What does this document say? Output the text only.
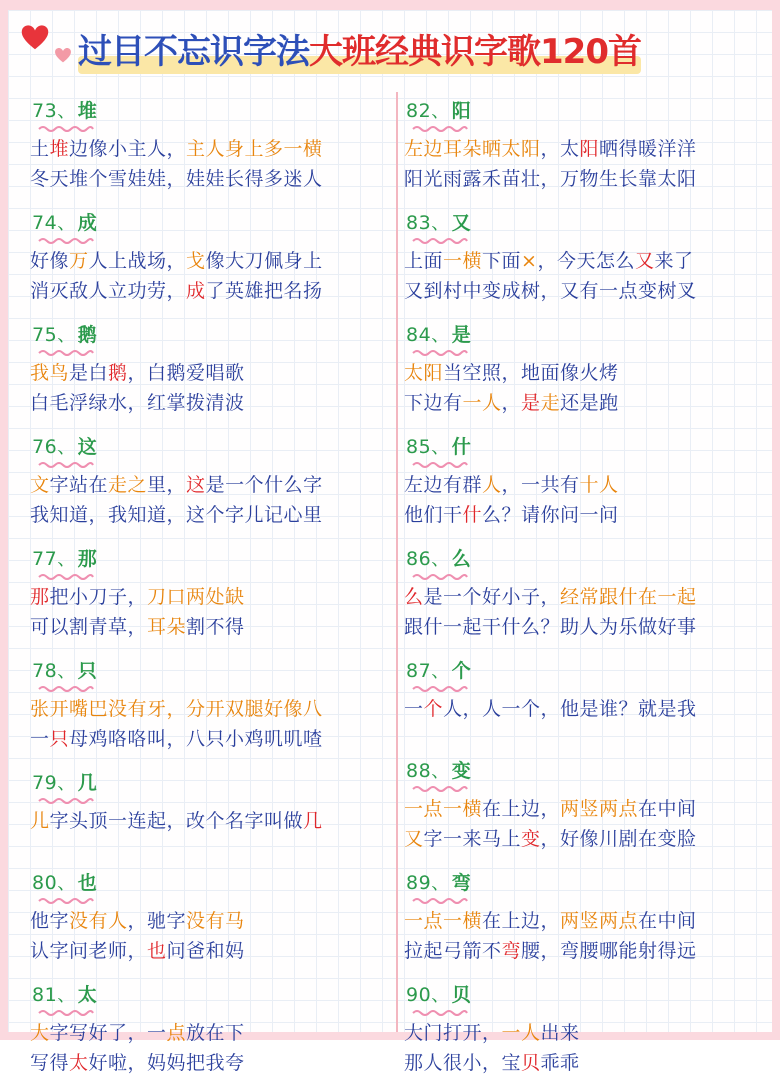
过目不忘识字法大班经典识字歌120首
73、 堆
土堆边像小主人，主人身上多一横
冬天堆个雪娃娃，娃娃长得多迷人
74、 成
好像万人上战场，戈像大刀佩身上
消灭敌人立功劳，成了英雄把名扬
75、 鹅
我鸟是白鹅，白鹅爱唱歌
白毛浮绿水，红掌拨清波
76、 这
文字站在走之里，这是一个什么字
我知道，我知道，这个字儿记心里
77、 那
那把小刀子，刀口两处缺
可以割青草，耳朵割不得
78、 只
张开嘴巴没有牙，分开双腿好像八
一只母鸡咯咯叫，八只小鸡叽叽喳
79、 几
儿字头顶一连起，改个名字叫做几
80、 也
他字没有人，驰字没有马
认字问老师，也问爸和妈
81、 太
大字写好了，一点放在下
写得太好啦，妈妈把我夸
82、 阳
左边耳朵晒太阳，太阳晒得暖洋洋
阳光雨露禾苗壮，万物生长靠太阳
83、 又
上面一横下面×，今天怎么又来了
又到村中变成树，又有一点变树叉
84、 是
太阳当空照，地面像火烤
下边有一人，是走还是跑
85、 什
左边有群人，一共有十人
他们干什么？请你问一问
86、 么
么是一个好小子，经常跟什在一起
跟什一起干什么？助人为乐做好事
87、 个
一个人，人一个，他是谁？就是我
88、 变
一点一横在上边，两竖两点在中间
又字一来马上变，好像川剧在变脸
89、 弯
一点一横在上边，两竖两点在中间
拉起弓箭不弯腰，弯腰哪能射得远
90、 贝
大门打开，一人出来
那人很小，宝贝乖乖
